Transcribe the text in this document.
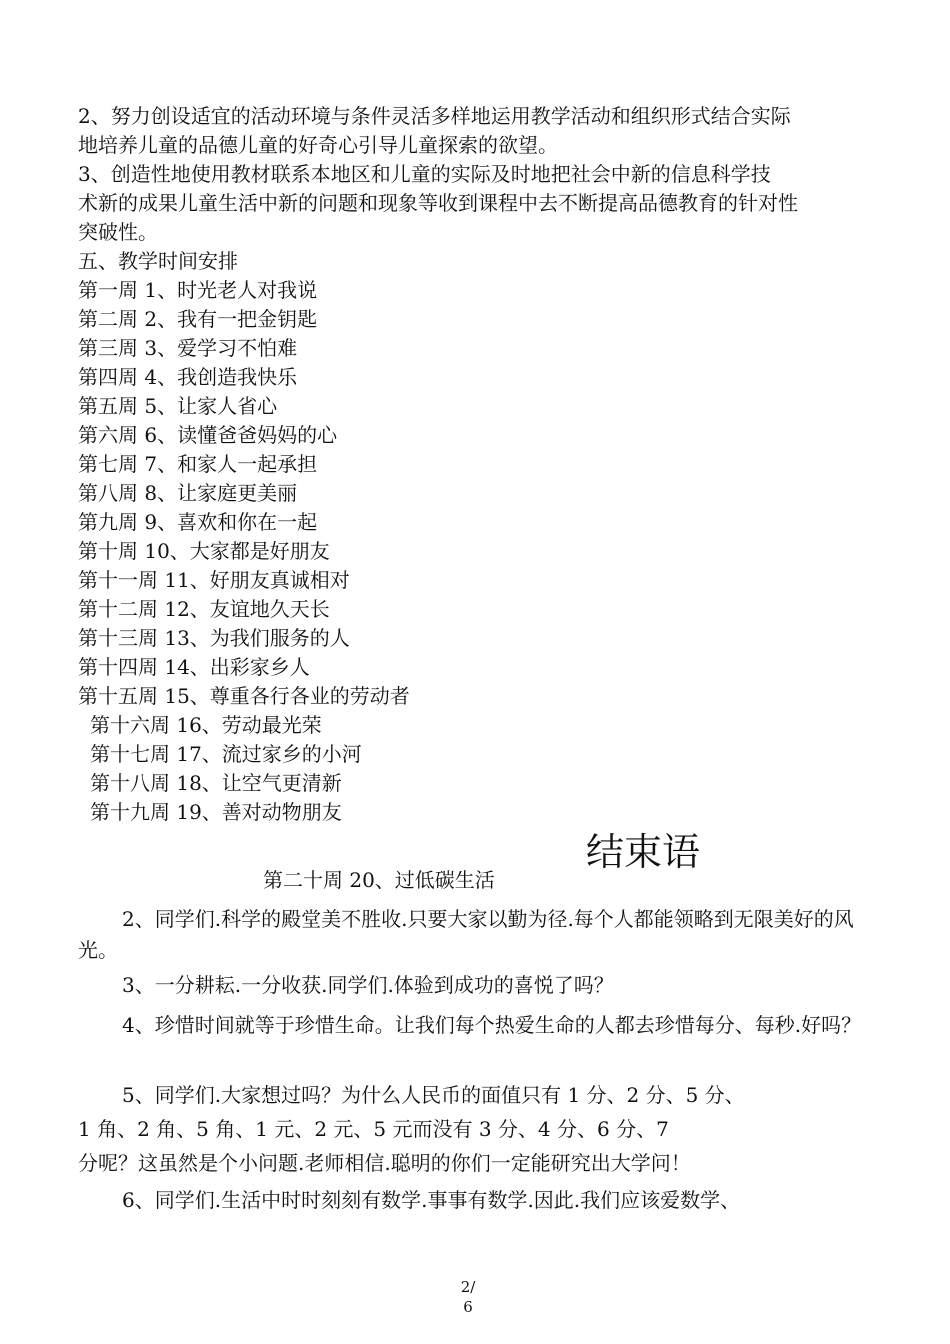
2、努力创设适宜的活动环境与条件灵活多样地运用教学活动和组织形式结合实际
地培养儿童的品德儿童的好奇心引导儿童探索的欲望。
3、创造性地使用教材联系本地区和儿童的实际及时地把社会中新的信息科学技
术新的成果儿童生活中新的问题和现象等收到课程中去不断提高品德教育的针对性
突破性。
五、教学时间安排
第一周 1、时光老人对我说
第二周 2、我有一把金钥匙
第三周 3、爱学习不怕难
第四周 4、我创造我快乐
第五周 5、让家人省心
第六周 6、读懂爸爸妈妈的心
第七周 7、和家人一起承担
第八周 8、让家庭更美丽
第九周 9、喜欢和你在一起
第十周 10、大家都是好朋友
第十一周 11、好朋友真诚相对
第十二周 12、友谊地久天长
第十三周 13、为我们服务的人
第十四周 14、出彩家乡人
第十五周 15、尊重各行各业的劳动者
第十六周 16、劳动最光荣
第十七周 17、流过家乡的小河
第十八周 18、让空气更清新
第十九周 19、善对动物朋友
结束语
第二十周 20、过低碳生活
2、同学们.科学的殿堂美不胜收.只要大家以勤为径.每个人都能领略到无限美好的风光。
3、一分耕耘.一分收获.同学们.体验到成功的喜悦了吗？
4、珍惜时间就等于珍惜生命。让我们每个热爱生命的人都去珍惜每分、每秒.好吗？
5、同学们.大家想过吗？为什么人民币的面值只有 1 分、2 分、5 分、
1 角、2 角、5 角、1 元、2 元、5 元而没有 3 分、4 分、6 分、7
分呢？这虽然是个小问题.老师相信.聪明的你们一定能研究出大学问！
6、同学们.生活中时时刻刻有数学.事事有数学.因此.我们应该爱数学、
2/
6
